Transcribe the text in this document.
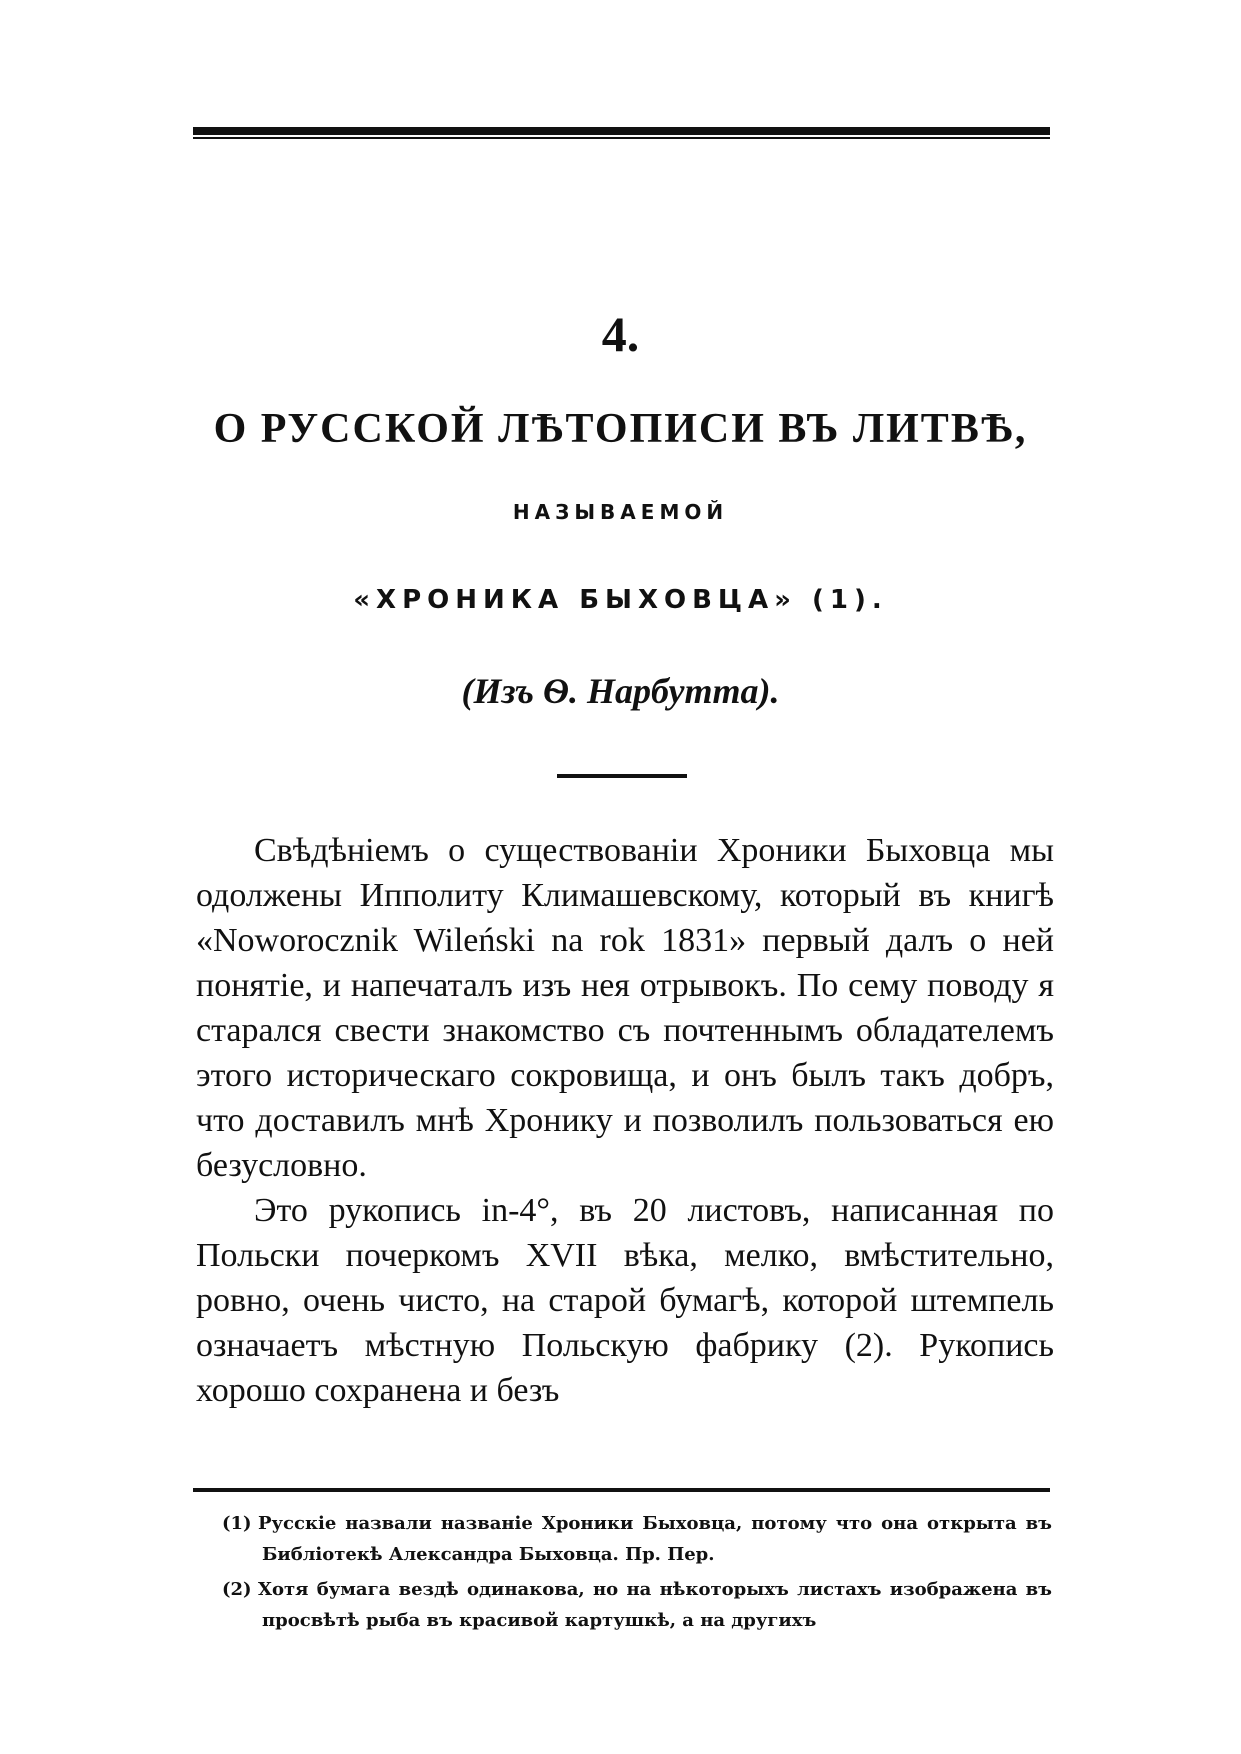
4.
О РУССКОЙ ЛѢТОПИСИ ВЪ ЛИТВѢ,
НАЗЫВАЕМОЙ
«ХРОНИКА БЫХОВЦА» (1).
(Изъ Ѳ. Нарбутта).

Свѣдѣніемъ о существованіи Хроники Быховца мы одолжены Ипполиту Климашевскому, который въ книгѣ «Noworocznik Wileński na rok 1831» первый далъ о ней понятіе, и напечаталъ изъ нея отрывокъ. По сему поводу я старался свести знакомство съ почтеннымъ обладателемъ этого историческаго сокровища, и онъ былъ такъ добръ, что доставилъ мнѣ Хронику и позволилъ пользоваться ею безусловно.

Это рукопись in-4°, въ 20 листовъ, написанная по Польски почеркомъ XVII вѣка, мелко, вмѣстительно, ровно, очень чисто, на старой бумагѣ, которой штемпель означаетъ мѣстную Польскую фабрику (2). Рукопись хорошо сохранена и безъ

(1) Русскіе назвали названіе Хроники Быховца, потому что она открыта въ Библіотекѣ Александра Быховца. Пр. Пер.

(2) Хотя бумага вездѣ одинакова, но на нѣкоторыхъ листахъ изображена въ просвѣтѣ рыба въ красивой картушкѣ, а на другихъ
